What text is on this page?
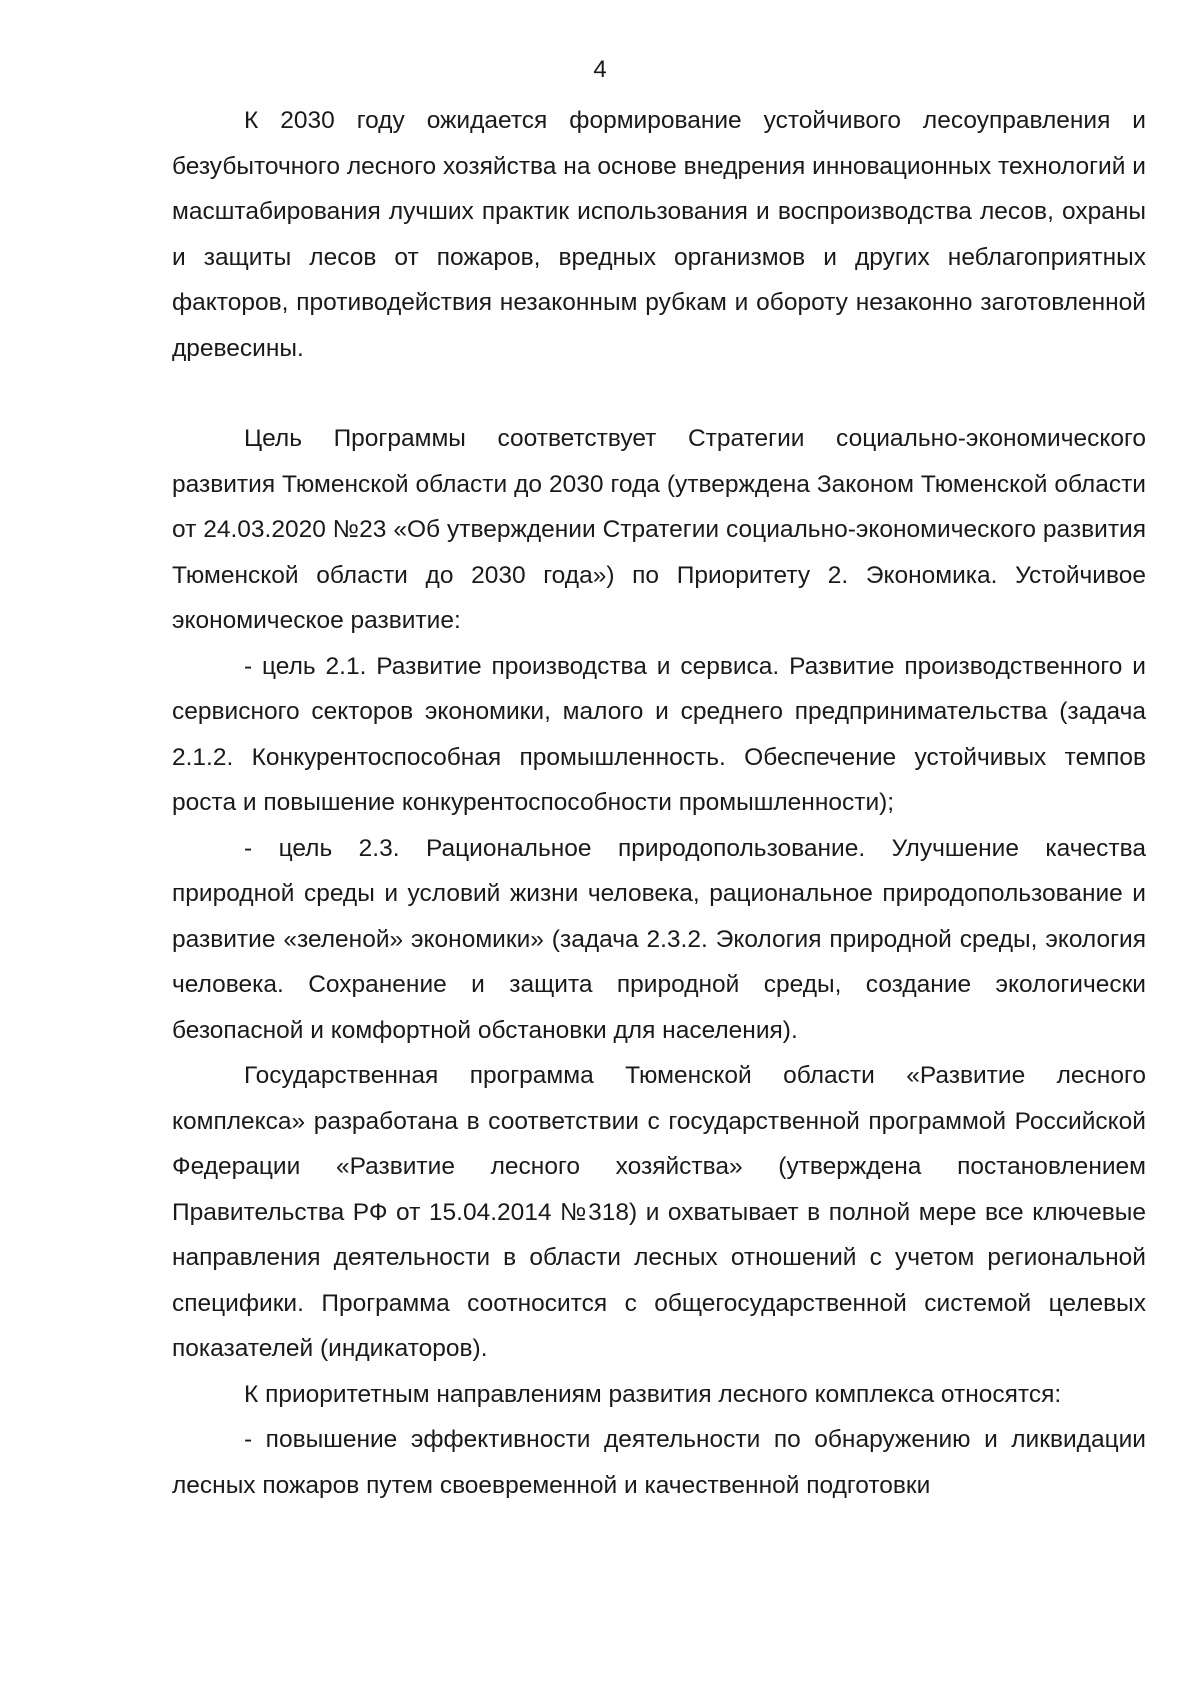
4

К 2030 году ожидается формирование устойчивого лесоуправления и безубыточного лесного хозяйства на основе внедрения инновационных технологий и масштабирования лучших практик использования и воспроизводства лесов, охраны и защиты лесов от пожаров, вредных организмов и других неблагоприятных факторов, противодействия незаконным рубкам и обороту незаконно заготовленной древесины.

Цель Программы соответствует Стратегии социально-экономического развития Тюменской области до 2030 года (утверждена Законом Тюменской области от 24.03.2020 №23 «Об утверждении Стратегии социально-экономического развития Тюменской области до 2030 года») по Приоритету 2. Экономика. Устойчивое экономическое развитие:

- цель 2.1. Развитие производства и сервиса. Развитие производственного и сервисного секторов экономики, малого и среднего предпринимательства (задача 2.1.2. Конкурентоспособная промышленность. Обеспечение устойчивых темпов роста и повышение конкурентоспособности промышленности);

- цель 2.3. Рациональное природопользование. Улучшение качества природной среды и условий жизни человека, рациональное природопользование и развитие «зеленой» экономики» (задача 2.3.2. Экология природной среды, экология человека. Сохранение и защита природной среды, создание экологически безопасной и комфортной обстановки для населения).

Государственная программа Тюменской области «Развитие лесного комплекса» разработана в соответствии с государственной программой Российской Федерации «Развитие лесного хозяйства» (утверждена постановлением Правительства РФ от 15.04.2014 №318) и охватывает в полной мере все ключевые направления деятельности в области лесных отношений с учетом региональной специфики. Программа соотносится с общегосударственной системой целевых показателей (индикаторов).

К приоритетным направлениям развития лесного комплекса относятся:

- повышение эффективности деятельности по обнаружению и ликвидации лесных пожаров путем своевременной и качественной подготовки
